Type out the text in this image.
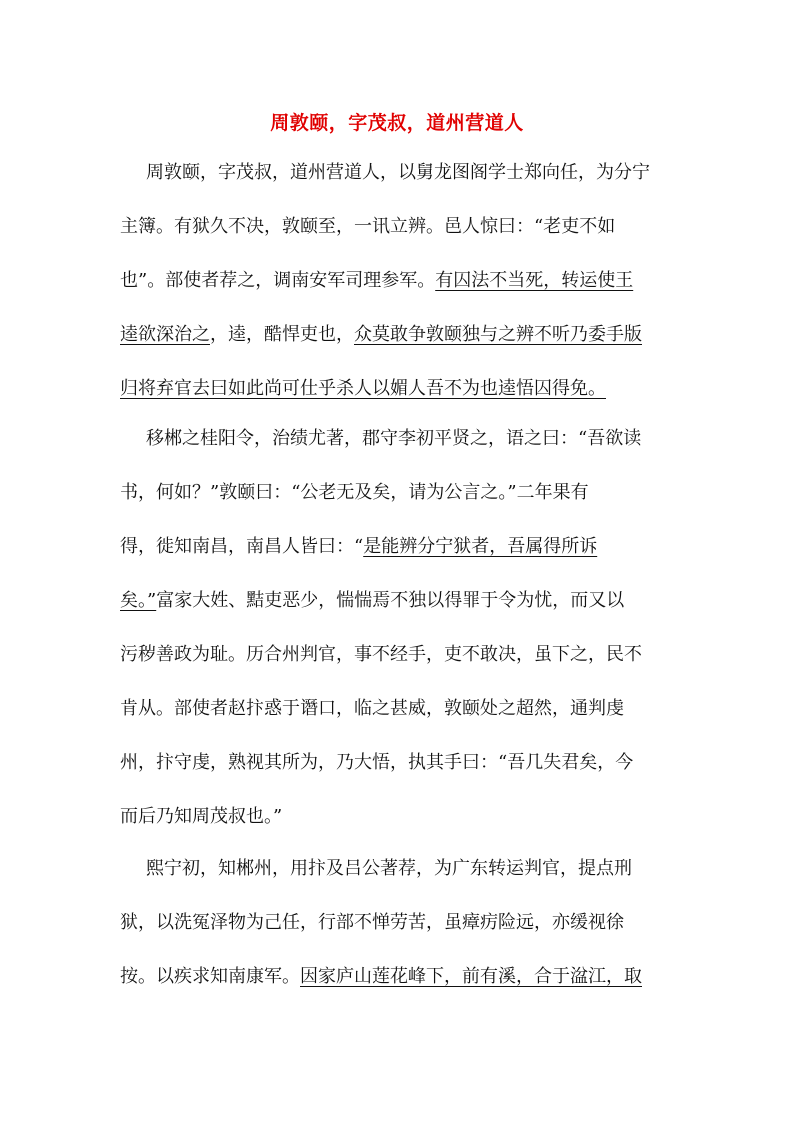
周敦颐，字茂叔，道州营道人
周敦颐，字茂叔，道州营道人，以舅龙图阁学士郑向任，为分宁
主簿。有狱久不决，敦颐至，一讯立辨。邑人惊曰：“老吏不如
也”。部使者荐之，调南安军司理参军。有囚法不当死，转运使王
逵欲深治之，逵，酷悍吏也，众莫敢争敦颐独与之辨不听乃委手版
归将弃官去曰如此尚可仕乎杀人以媚人吾不为也逵悟囚得免。
移郴之桂阳令，治绩尤著，郡守李初平贤之，语之曰：“吾欲读
书，何如？”敦颐曰：“公老无及矣，请为公言之。”二年果有
得，徙知南昌，南昌人皆曰：“是能辨分宁狱者，吾属得所诉
矣。”富家大姓、黠吏恶少，惴惴焉不独以得罪于令为忧，而又以
污秽善政为耻。历合州判官，事不经手，吏不敢决，虽下之，民不
肯从。部使者赵抃惑于谮口，临之甚威，敦颐处之超然，通判虔
州，抃守虔，熟视其所为，乃大悟，执其手曰：“吾几失君矣，今
而后乃知周茂叔也。”
熙宁初，知郴州，用抃及吕公著荐，为广东转运判官，提点刑
狱，以洗冤泽物为己任，行部不惮劳苦，虽瘴疠险远，亦缓视徐
按。以疾求知南康军。因家庐山莲花峰下，前有溪，合于湓江，取
